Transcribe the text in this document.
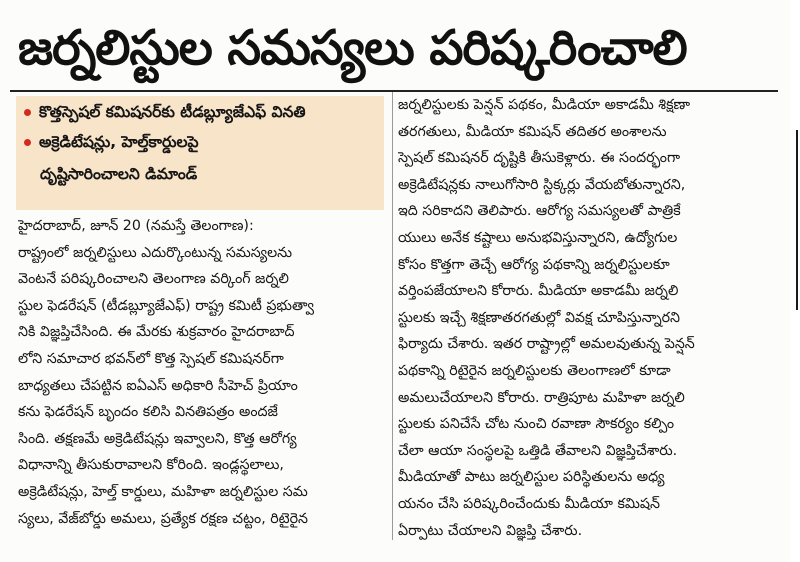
జర్నలిస్టుల సమస్యలు పరిష్కరించాలి
కొత్తస్పెషల్ కమిషనర్‌కు టీడబ్ల్యూజేఎఫ్ వినతి
అక్రెడిటేషన్లు, హెల్త్‌కార్డులపై
దృష్టిసారించాలని డిమాండ్
హైదరాబాద్, జూన్ 20 (నమస్తే తెలంగాణ):
రాష్ట్రంలో జర్నలిస్టులు ఎదుర్కొంటున్న సమస్యలను
వెంటనే పరిష్కరించాలని తెలంగాణ వర్కింగ్ జర్నలి
స్టుల ఫెడరేషన్ (టీడబ్ల్యూజేఎఫ్) రాష్ట్ర కమిటీ ప్రభుత్వా
నికి విజ్ఞప్తిచేసింది. ఈ మేరకు శుక్రవారం హైదరాబాద్
లోని సమాచార భవన్‌లో కొత్త స్పెషల్ కమిషనర్‌గా
బాధ్యతలు చేపట్టిన ఐఏఎస్ అధికారి సీహెచ్ ప్రియాం
కను ఫెడరేషన్ బృందం కలిసి వినతిపత్రం అందజే
సింది. తక్షణమే అక్రెడిటేషన్లు ఇవ్వాలని, కొత్త ఆరోగ్య
విధానాన్ని తీసుకురావాలని కోరింది. ఇండ్లస్థలాలు,
అక్రెడిటేషన్లు, హెల్త్ కార్డులు, మహిళా జర్నలిస్టుల సమ
స్యలు, వేజ్‌బోర్డు అమలు, ప్రత్యేక రక్షణ చట్టం, రిటైరైన
జర్నలిస్టులకు పెన్షన్ పథకం, మీడియా అకాడమీ శిక్షణా
తరగతులు, మీడియా కమిషన్ తదితర అంశాలను
స్పెషల్ కమిషనర్ దృష్టికి తీసుకెళ్లారు. ఈ సందర్భంగా
అక్రెడిటేషన్లకు నాలుగోసారి స్టిక్కర్లు వేయబోతున్నారని,
ఇది సరికాదని తెలిపారు. ఆరోగ్య సమస్యలతో పాత్రికే
యులు అనేక కష్టాలు అనుభవిస్తున్నారని, ఉద్యోగుల
కోసం కొత్తగా తెచ్చే ఆరోగ్య పథకాన్ని జర్నలిస్టులకూ
వర్తింపజేయాలని కోరారు. మీడియా అకాడమీ జర్నలి
స్టులకు ఇచ్చే శిక్షణాతరగతుల్లో వివక్ష చూపిస్తున్నారని
ఫిర్యాదు చేశారు. ఇతర రాష్ట్రాల్లో అమలవుతున్న పెన్షన్
పథకాన్ని రిటైరైన జర్నలిస్టులకు తెలంగాణలో కూడా
అమలుచేయాలని కోరారు. రాత్రిపూట మహిళా జర్నలి
స్టులకు పనిచేసే చోట నుంచి రవాణా సౌకర్యం కల్పిం
చేలా ఆయా సంస్థలపై ఒత్తిడి తేవాలని విజ్ఞప్తిచేశారు.
మీడియాతో పాటు జర్నలిస్టుల పరిస్థితులను అధ్య
యనం చేసి పరిష్కరించేందుకు మీడియా కమిషన్
ఏర్పాటు చేయాలని విజ్ఞప్తి చేశారు.
